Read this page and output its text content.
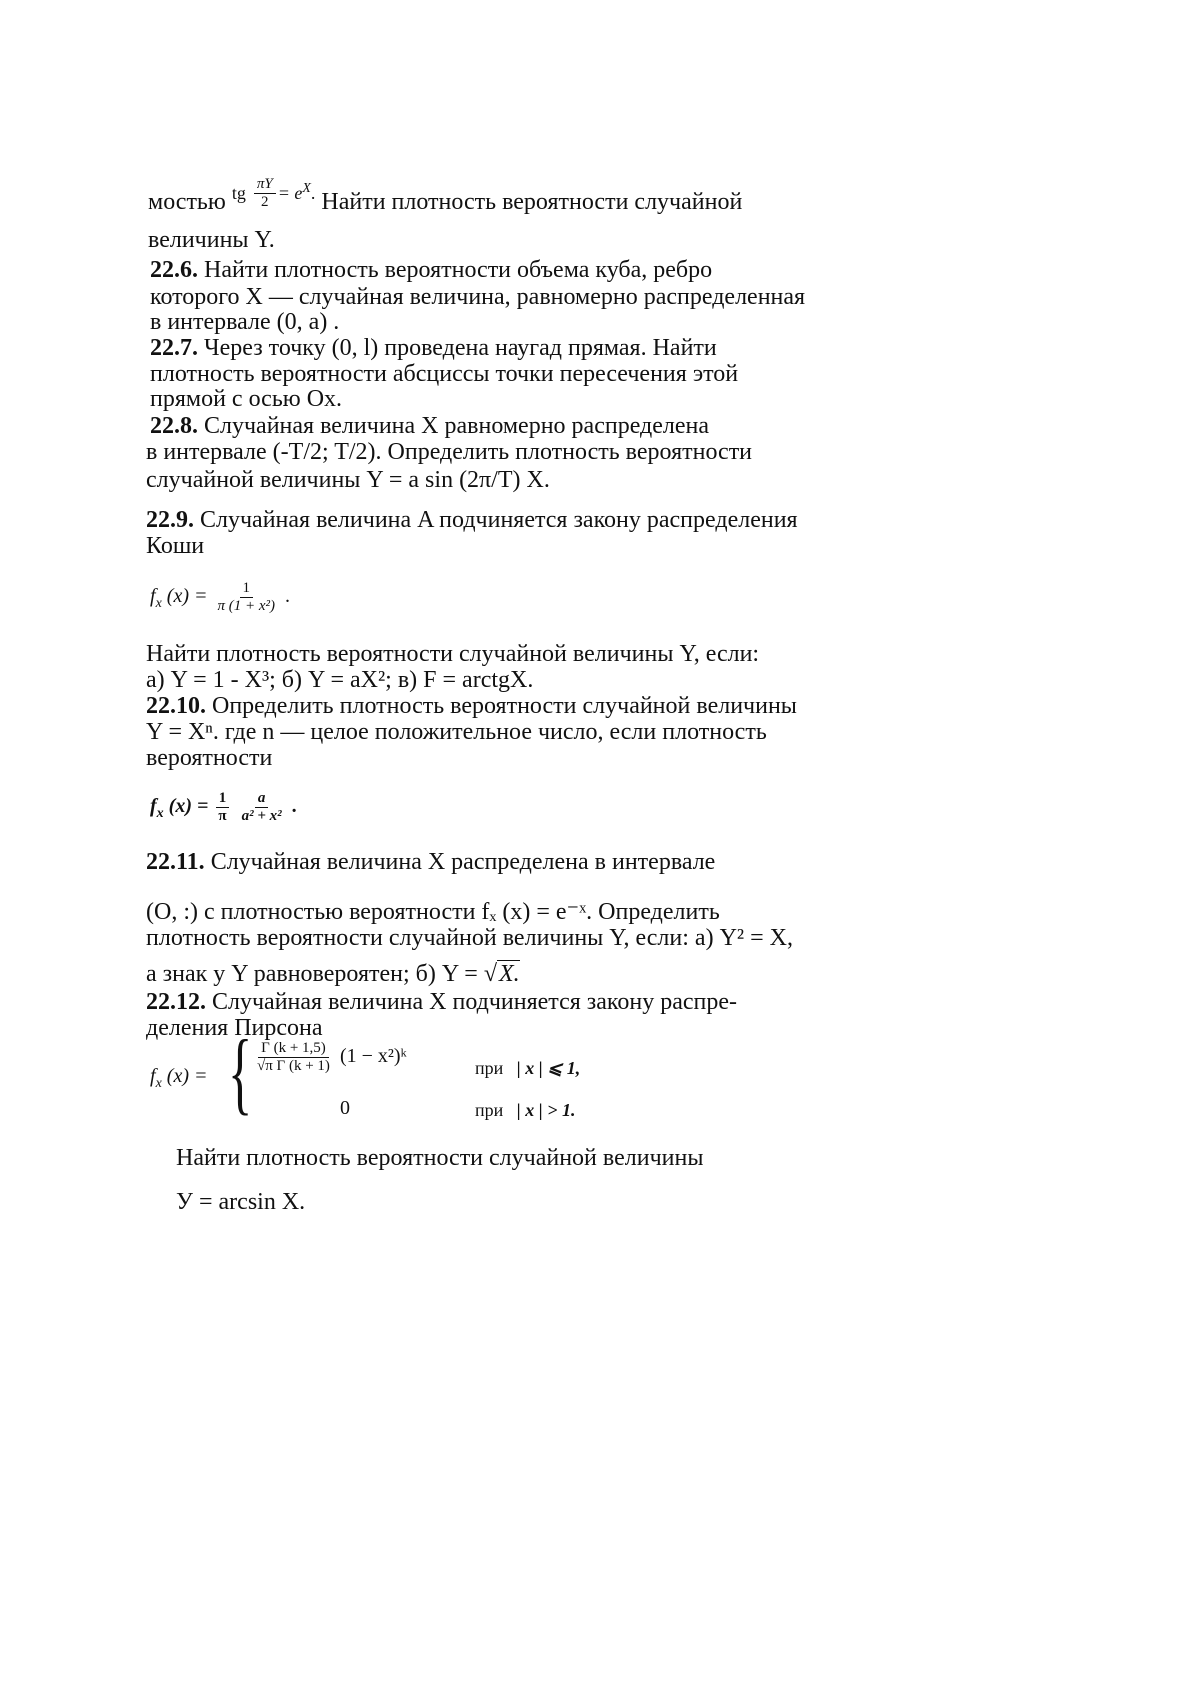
мостью $^{tg} \frac{\pi Y}{2} ^{= e^X.}$ Найти плотность вероятности случайной
величины Y.
22.6. Найти плотность вероятности объема куба, ребро
которого X — случайная величина, равномерно распределенная
в интервале (0, a) .
22.7. Через точку (0, l) проведена наугад прямая. Найти
плотность вероятности абсциссы точки пересечения этой
прямой с осью Ox.
22.8. Случайная величина X равномерно распределена
в интервале (-T/2; T/2). Определить плотность вероятности
случайной величины Y = a sin (2π/T) X.
22.9. Случайная величина A подчиняется закону распределения
Коши
$f_x$ $(x) = \frac{1}{\text{π (1 + x²)}}$ .
Найти плотность вероятности случайной величины Y, если:
а) Y = 1 - X³; б) Y = aX²; в) F = arctgX.
22.10. Определить плотность вероятности случайной величины
Y = Xⁿ. где n — целое положительное число, если плотность
вероятности
$f_x$ $(x) = \frac{1}{\pi}$
$\frac{a}{\text{a² + x²}}$ .
22.11. Случайная величина X распределена в интервале
(О, :) с плотностью вероятности fₓ (x) = e⁻ˣ. Определить
плотность вероятности случайной величины Y, если: а) Y² = X,
а знак у Y равновероятен; б) Y = √X.
22.12. Случайная величина X подчиняется закону распре-
деления Пирсона
$f_x$ (x) = { $\frac{\Gamma (k + 1,5)}{\text{√π Γ (k + 1)}} (1$ − x²)ᵏ
при | x | ⩽ 1,
0	при | x | > 1.
Найти плотность вероятности случайной величины
У = arcsin X.
